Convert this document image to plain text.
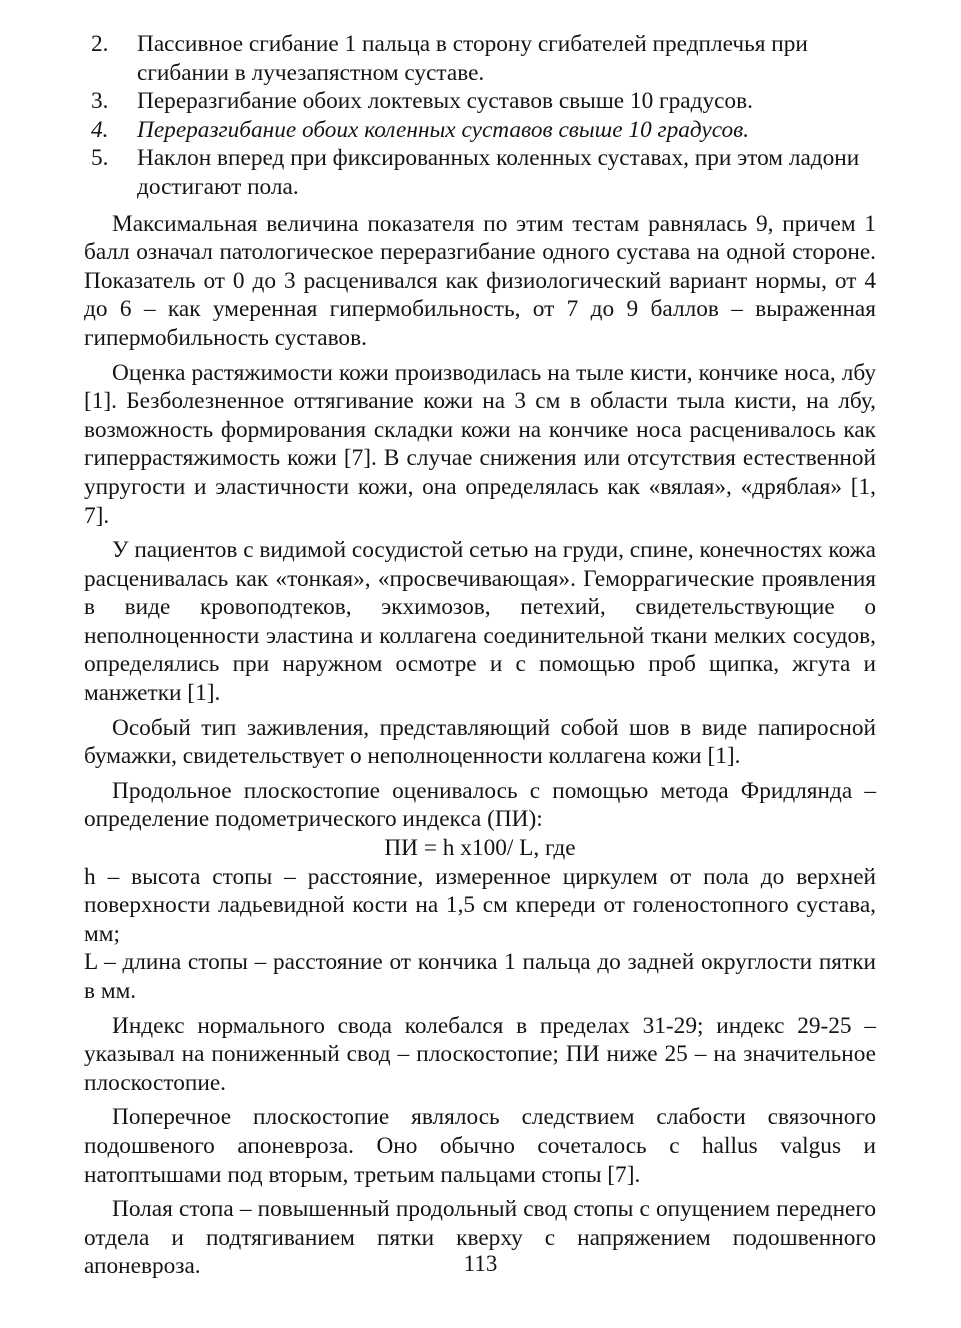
2. Пассивное сгибание 1 пальца в сторону сгибателей предплечья при сгибании в лучезапястном суставе.
3. Переразгибание обоих локтевых суставов свыше 10 градусов.
4. Переразгибание обоих коленных суставов свыше 10 градусов.
5. Наклон вперед при фиксированных коленных суставах, при этом ладони достигают пола.

Максимальная величина показателя по этим тестам равнялась 9, причем 1 балл означал патологическое переразгибание одного сустава на одной стороне. Показатель от 0 до 3 расценивался как физиологический вариант нормы, от 4 до 6 – как умеренная гипермобильность, от 7 до 9 баллов – выраженная гипермобильность суставов.

Оценка растяжимости кожи производилась на тыле кисти, кончике носа, лбу [1]. Безболезненное оттягивание кожи на 3 см в области тыла кисти, на лбу, возможность формирования складки кожи на кончике носа расценивалось как гиперрастяжимость кожи [7]. В случае снижения или отсутствия естественной упругости и эластичности кожи, она определялась как «вялая», «дряблая» [1, 7].

У пациентов с видимой сосудистой сетью на груди, спине, конечностях кожа расценивалась как «тонкая», «просвечивающая». Геморрагические проявления в виде кровоподтеков, экхимозов, петехий, свидетельствующие о неполноценности эластина и коллагена соединительной ткани мелких сосудов, определялись при наружном осмотре и с помощью проб щипка, жгута и манжетки [1].

Особый тип заживления, представляющий собой шов в виде папиросной бумажки, свидетельствует о неполноценности коллагена кожи [1].

Продольное плоскостопие оценивалось с помощью метода Фридлянда – определение подометрического индекса (ПИ):

ПИ = h x100/ L, где

h – высота стопы – расстояние, измеренное циркулем от пола до верхней поверхности ладьевидной кости на 1,5 см кпереди от голеностопного сустава, мм;

L – длина стопы – расстояние от кончика 1 пальца до задней округлости пятки в мм.

Индекс нормального свода колебался в пределах 31-29; индекс 29-25 – указывал на пониженный свод – плоскостопие; ПИ ниже 25 – на значительное плоскостопие.

Поперечное плоскостопие являлось следствием слабости связочного подошвеного апоневроза. Оно обычно сочеталось с hallus valgus и натоптышами под вторым, третьим пальцами стопы [7].

Полая стопа – повышенный продольный свод стопы с опущением переднего отдела и подтягиванием пятки кверху с напряжением подошвенного апоневроза.	113
